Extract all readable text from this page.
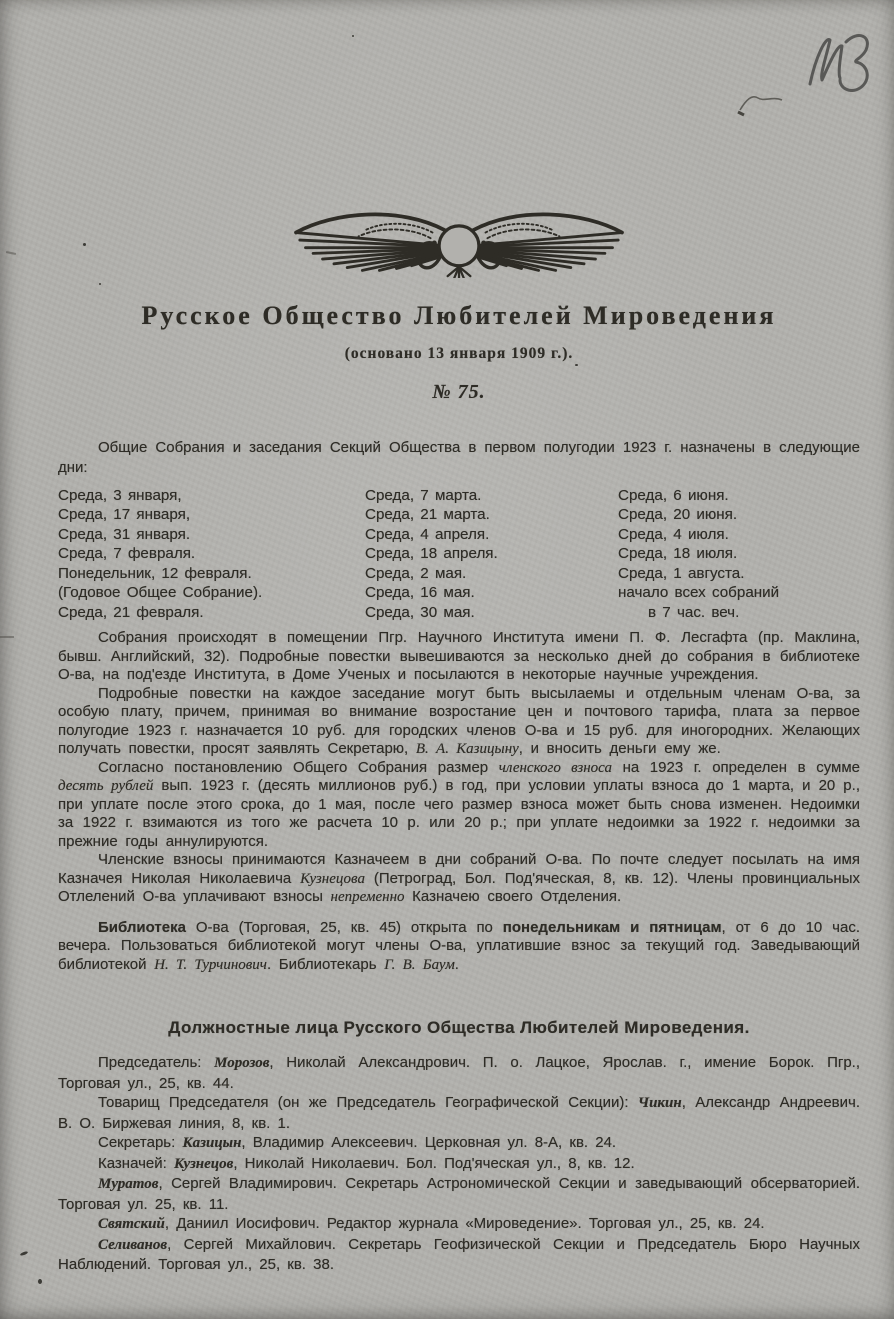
Русское Общество Любителей Мироведения
(основано 13 января 1909 г.).
№ 75.

Общие Собрания и заседания Секций Общества в первом полугодии 1923 г. назначены в следующие дни:

Среда, 3 января,
Среда, 17 января,
Среда, 31 января.
Среда, 7 февраля.
Понедельник, 12 февраля.
(Годовое Общее Собрание).
Среда, 21 февраля.
Среда, 7 марта.
Среда, 21 марта.
Среда, 4 апреля.
Среда, 18 апреля.
Среда, 2 мая.
Среда, 16 мая.
Среда, 30 мая.
Среда, 6 июня.
Среда, 20 июня.
Среда, 4 июля.
Среда, 18 июля.
Среда, 1 августа.
начало всех собраний
в 7 час. веч.

Собрания происходят в помещении Пгр. Научного Института имени П. Ф. Лесгафта (пр. Маклина, бывш. Английский, 32). Подробные повестки вывешиваются за несколько дней до собрания в библиотеке О-ва, на под'езде Института, в Доме Ученых и посылаются в некоторые научные учреждения.

Подробные повестки на каждое заседание могут быть высылаемы и отдельным членам О-ва, за особую плату, причем, принимая во внимание возростание цен и почтового тарифа, плата за первое полугодие 1923 г. назначается 10 руб. для городских членов О-ва и 15 руб. для иногородних. Желающих получать повестки, просят заявлять Секретарю, В. А. Казицыну, и вносить деньги ему же.

Согласно постановлению Общего Собрания размер членского взноса на 1923 г. определен в сумме десять рублей вып. 1923 г. (десять миллионов руб.) в год, при условии уплаты взноса до 1 марта, и 20 р., при уплате после этого срока, до 1 мая, после чего размер взноса может быть снова изменен. Недоимки за 1922 г. взимаются из того же расчета 10 р. или 20 р.; при уплате недоимки за 1922 г. недоимки за прежние годы аннулируются.

Членские взносы принимаются Казначеем в дни собраний О-ва. По почте следует посылать на имя Казначея Николая Николаевича Кузнецова (Петроград, Бол. Под'яческая, 8, кв. 12). Члены провинциальных Отлелений О-ва уплачивают взносы непременно Казначею своего Отделения.

Библиотека О-ва (Торговая, 25, кв. 45) открыта по понедельникам и пятницам, от 6 до 10 час. вечера. Пользоваться библиотекой могут члены О-ва, уплатившие взнос за текущий год. Заведывающий библиотекой Н. Т. Турчинович. Библиотекарь Г. В. Баум.

Должностные лица Русского Общества Любителей Мироведения.

Председатель: Морозов, Николай Александрович. П. о. Лацкое, Ярослав. г., имение Борок. Пгр., Торговая ул., 25, кв. 44.

Товарищ Председателя (он же Председатель Географической Секции): Чикин, Александр Андреевич. В. О. Биржевая линия, 8, кв. 1.

Секретарь: Казицын, Владимир Алексеевич. Церковная ул. 8-А, кв. 24.

Казначей: Кузнецов, Николай Николаевич. Бол. Под'яческая ул., 8, кв. 12.

Муратов, Сергей Владимирович. Секретарь Астрономической Секции и заведывающий обсерваторией. Торговая ул. 25, кв. 11.

Святский, Даниил Иосифович. Редактор журнала «Мироведение». Торговая ул., 25, кв. 24.

Селиванов, Сергей Михайлович. Секретарь Геофизической Секции и Председатель Бюро Научных Наблюдений. Торговая ул., 25, кв. 38.
